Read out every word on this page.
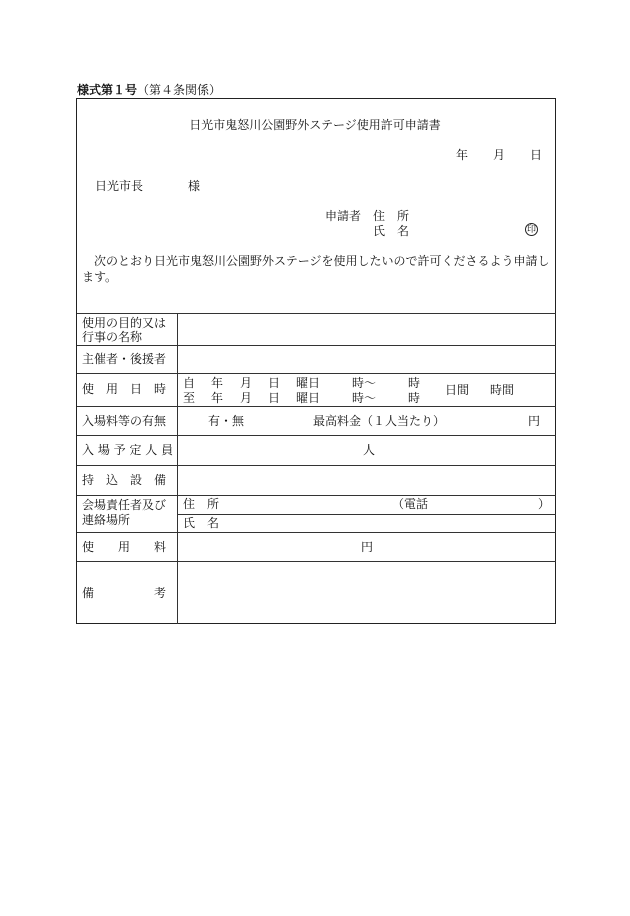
様式第１号（第４条関係）
日光市鬼怒川公園野外ステージ使用許可申請書
年 月 日
日光市長	様
申請者 住　所
氏　名	印
次のとおり日光市鬼怒川公園野外ステージを使用したいので許可くださるよう申請します。
使用の目的又は
行事の名称
主催者・後援者
使　用　日　時 自 年 月 日 曜日	時～	時
至 年 月 日 曜日	時～	時
日間 時間
入場料等の有無	有・無	最高料金（１人当たり）	円
入 場 予 定 人 員	人
持　込　設　備
会場責任者及び
連絡場所
住　所	（電話	）
氏　名
使　　用　　料	円
備　　　　　考
